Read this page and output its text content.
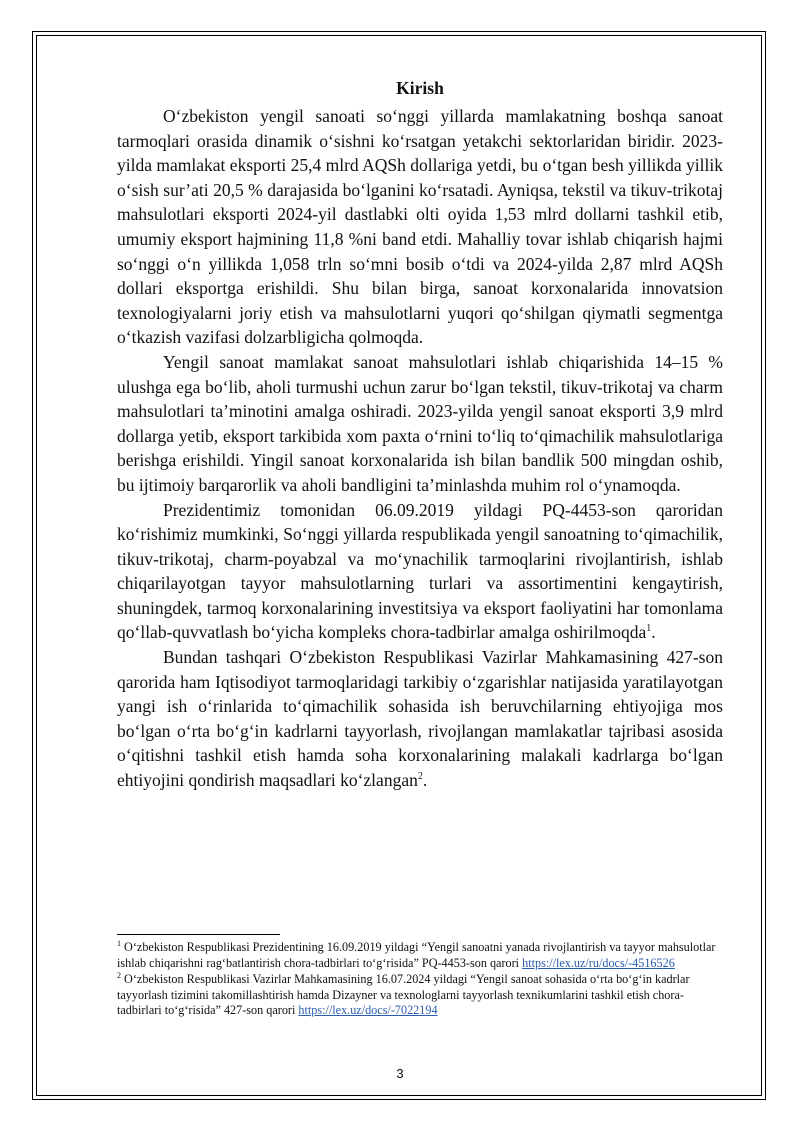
Kirish

O‘zbekiston yengil sanoati so‘nggi yillarda mamlakatning boshqa sanoat tarmoqlari orasida dinamik o‘sishni ko‘rsatgan yetakchi sektorlaridan biridir. 2023-yilda mamlakat eksporti 25,4 mlrd AQSh dollariga yetdi, bu o‘tgan besh yillikda yillik o‘sish sur’ati 20,5 % darajasida bo‘lganini ko‘rsatadi. Ayniqsa, tekstil va tikuv-trikotaj mahsulotlari eksporti 2024-yil dastlabki olti oyida 1,53 mlrd dollarni tashkil etib, umumiy eksport hajmining 11,8 %ni band etdi. Mahalliy tovar ishlab chiqarish hajmi so‘nggi o‘n yillikda 1,058 trln so‘mni bosib o‘tdi va 2024-yilda 2,87 mlrd AQSh dollari eksportga erishildi. Shu bilan birga, sanoat korxonalarida innovatsion texnologiyalarni joriy etish va mahsulotlarni yuqori qo‘shilgan qiymatli segmentga o‘tkazish vazifasi dolzarbligicha qolmoqda.

Yengil sanoat mamlakat sanoat mahsulotlari ishlab chiqarishida 14–15 % ulushga ega bo‘lib, aholi turmushi uchun zarur bo‘lgan tekstil, tikuv-trikotaj va charm mahsulotlari ta’minotini amalga oshiradi. 2023-yilda yengil sanoat eksporti 3,9 mlrd dollarga yetib, eksport tarkibida xom paxta o‘rnini to‘liq to‘qimachilik mahsulotlariga berishga erishildi. Yingil sanoat korxonalarida ish bilan bandlik 500 mingdan oshib, bu ijtimoiy barqarorlik va aholi bandligini ta’minlashda muhim rol o‘ynamoqda.

Prezidentimiz tomonidan 06.09.2019 yildagi PQ-4453-son qaroridan ko‘rishimiz mumkinki, So‘nggi yillarda respublikada yengil sanoatning to‘qimachilik, tikuv-trikotaj, charm-poyabzal va mo‘ynachilik tarmoqlarini rivojlantirish, ishlab chiqarilayotgan tayyor mahsulotlarning turlari va assortimentini kengaytirish, shuningdek, tarmoq korxonalarining investitsiya va eksport faoliyatini har tomonlama qo‘llab-quvvatlash bo‘yicha kompleks chora-tadbirlar amalga oshirilmoqda$^1$.

Bundan tashqari O‘zbekiston Respublikasi Vazirlar Mahkamasining 427-son qarorida ham Iqtisodiyot tarmoqlaridagi tarkibiy o‘zgarishlar natijasida yaratilayotgan yangi ish o‘rinlarida to‘qimachilik sohasida ish beruvchilarning ehtiyojiga mos bo‘lgan o‘rta bo‘g‘in kadrlarni tayyorlash, rivojlangan mamlakatlar tajribasi asosida o‘qitishni tashkil etish hamda soha korxonalarining malakali kadrlarga bo‘lgan ehtiyojini qondirish maqsadlari ko‘zlangan$^2$.

$^1$ O‘zbekiston Respublikasi Prezidentining 16.09.2019 yildagi “Yengil sanoatni yanada rivojlantirish va tayyor mahsulotlar ishlab chiqarishni rag‘batlantirish chora-tadbirlari to‘g‘risida” PQ-4453-son qarori https://lex.uz/ru/docs/-4516526
$^2$ O‘zbekiston Respublikasi Vazirlar Mahkamasining 16.07.2024 yildagi “Yengil sanoat sohasida o‘rta bo‘g‘in kadrlar tayyorlash tizimini takomillashtirish hamda Dizayner va texnologlarni tayyorlash texnikumlarini tashkil etish chora-tadbirlari to‘g‘risida” 427-son qarori https://lex.uz/docs/-7022194
3
